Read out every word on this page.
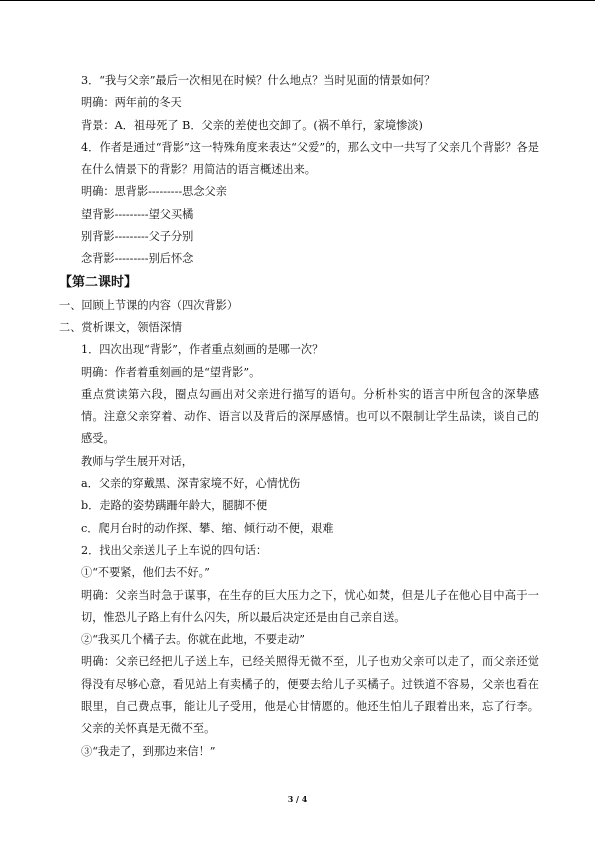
3．“我与父亲”最后一次相见在时候？什么地点？当时见面的情景如何？
明确：两年前的冬天
背景：A．祖母死了 B．父亲的差使也交卸了。(祸不单行，家境惨淡)
4．作者是通过“背影”这一特殊角度来表达“父爱”的，那么文中一共写了父亲几个背影？各是在什么情景下的背影？用简洁的语言概述出来。
明确：思背影---------思念父亲
望背影---------望父买橘
别背影---------父子分别
念背影---------别后怀念
【第二课时】
一、回顾上节课的内容（四次背影）
二、赏析课文，领悟深情
1．四次出现“背影”，作者重点刻画的是哪一次？
明确：作者着重刻画的是“望背影”。
重点赏读第六段，圈点勾画出对父亲进行描写的语句。分析朴实的语言中所包含的深挚感情。注意父亲穿着、动作、语言以及背后的深厚感情。也可以不限制让学生品读，谈自己的感受。
教师与学生展开对话，
a．父亲的穿戴黑、深青家境不好，心情忧伤
b．走路的姿势蹒跚年龄大，腿脚不便
c．爬月台时的动作探、攀、缩、倾行动不便，艰难
2．找出父亲送儿子上车说的四句话：
①“不要紧，他们去不好。”
明确：父亲当时急于谋事，在生存的巨大压力之下，忧心如焚，但是儿子在他心目中高于一切，惟恐儿子路上有什么闪失，所以最后决定还是由自己亲自送。
②“我买几个橘子去。你就在此地，不要走动”
明确：父亲已经把儿子送上车，已经关照得无微不至，儿子也劝父亲可以走了，而父亲还觉得没有尽够心意，看见站上有卖橘子的，便要去给儿子买橘子。过铁道不容易，父亲也看在眼里，自己费点事，能让儿子受用，他是心甘情愿的。他还生怕儿子跟着出来，忘了行李。父亲的关怀真是无微不至。
③“我走了，到那边来信！”
3 / 4
